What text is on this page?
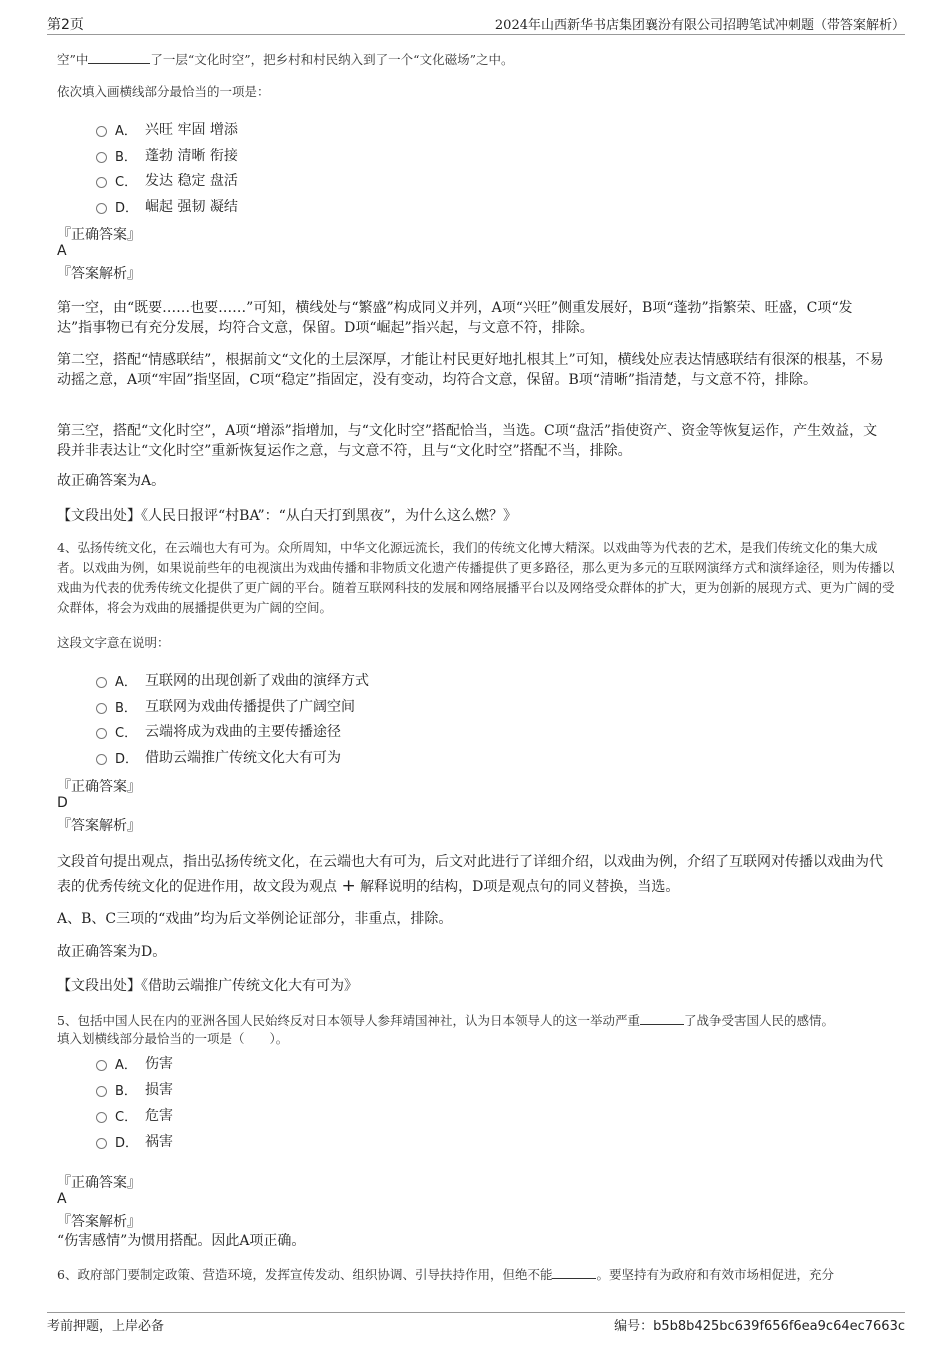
第2页	2024年山西新华书店集团襄汾有限公司招聘笔试冲刺题（带答案解析）
空”中	了一层“文化时空”，把乡村和村民纳入到了一个“文化磁场”之中。
依次填入画横线部分最恰当的一项是：
A． 兴旺 牢固 增添
B． 蓬勃 清晰 衔接
C． 发达 稳定 盘活
D． 崛起 强韧 凝结
『正确答案』
A
『答案解析』
第一空，由“既要……也要……”可知，横线处与“繁盛”构成同义并列，A项“兴旺”侧重发展好，B项“蓬勃”指繁荣、旺盛，C项“发达”指事物已有充分发展，均符合文意，保留。D项“崛起”指兴起，与文意不符，排除。
第二空，搭配“情感联结”，根据前文“文化的土层深厚，才能让村民更好地扎根其上”可知，横线处应表达情感联结有很深的根基，不易动摇之意，A项“牢固”指坚固，C项“稳定”指固定，没有变动，均符合文意，保留。B项“清晰”指清楚，与文意不符，排除。
第三空，搭配“文化时空”，A项“增添”指增加，与“文化时空”搭配恰当，当选。C项“盘活”指使资产、资金等恢复运作，产生效益，文段并非表达让“文化时空”重新恢复运作之意，与文意不符，且与“文化时空”搭配不当，排除。
故正确答案为A。
【文段出处】《人民日报评“村BA”：“从白天打到黑夜”，为什么这么燃？》
4、弘扬传统文化，在云端也大有可为。众所周知，中华文化源远流长，我们的传统文化博大精深。以戏曲等为代表的艺术，是我们传统文化的集大成者。以戏曲为例，如果说前些年的电视演出为戏曲传播和非物质文化遗产传播提供了更多路径，那么更为多元的互联网演绎方式和演绎途径，则为传播以戏曲为代表的优秀传统文化提供了更广阔的平台。随着互联网科技的发展和网络展播平台以及网络受众群体的扩大，更为创新的展现方式、更为广阔的受众群体，将会为戏曲的展播提供更为广阔的空间。
这段文字意在说明：
A． 互联网的出现创新了戏曲的演绎方式
B． 互联网为戏曲传播提供了广阔空间
C． 云端将成为戏曲的主要传播途径
D． 借助云端推广传统文化大有可为
『正确答案』
D
『答案解析』
文段首句提出观点，指出弘扬传统文化，在云端也大有可为，后文对此进行了详细介绍，以戏曲为例，介绍了互联网对传播以戏曲为代表的优秀传统文化的促进作用，故文段为观点 + 解释说明的结构，D项是观点句的同义替换，当选。
A、B、C三项的“戏曲”均为后文举例论证部分，非重点，排除。
故正确答案为D。
【文段出处】《借助云端推广传统文化大有可为》
5、包括中国人民在内的亚洲各国人民始终反对日本领导人参拜靖国神社，认为日本领导人的这一举动严重	了战争受害国人民的感情。
填入划横线部分最恰当的一项是（　　）。
A． 伤害
B． 损害
C． 危害
D． 祸害
『正确答案』
A
『答案解析』
“伤害感情”为惯用搭配。因此A项正确。
6、政府部门要制定政策、营造环境，发挥宣传发动、组织协调、引导扶持作用，但绝不能	。要坚持有为政府和有效市场相促进，充分
考前押题，上岸必备	编号：b5b8b425bc639f656f6ea9c64ec7663c
